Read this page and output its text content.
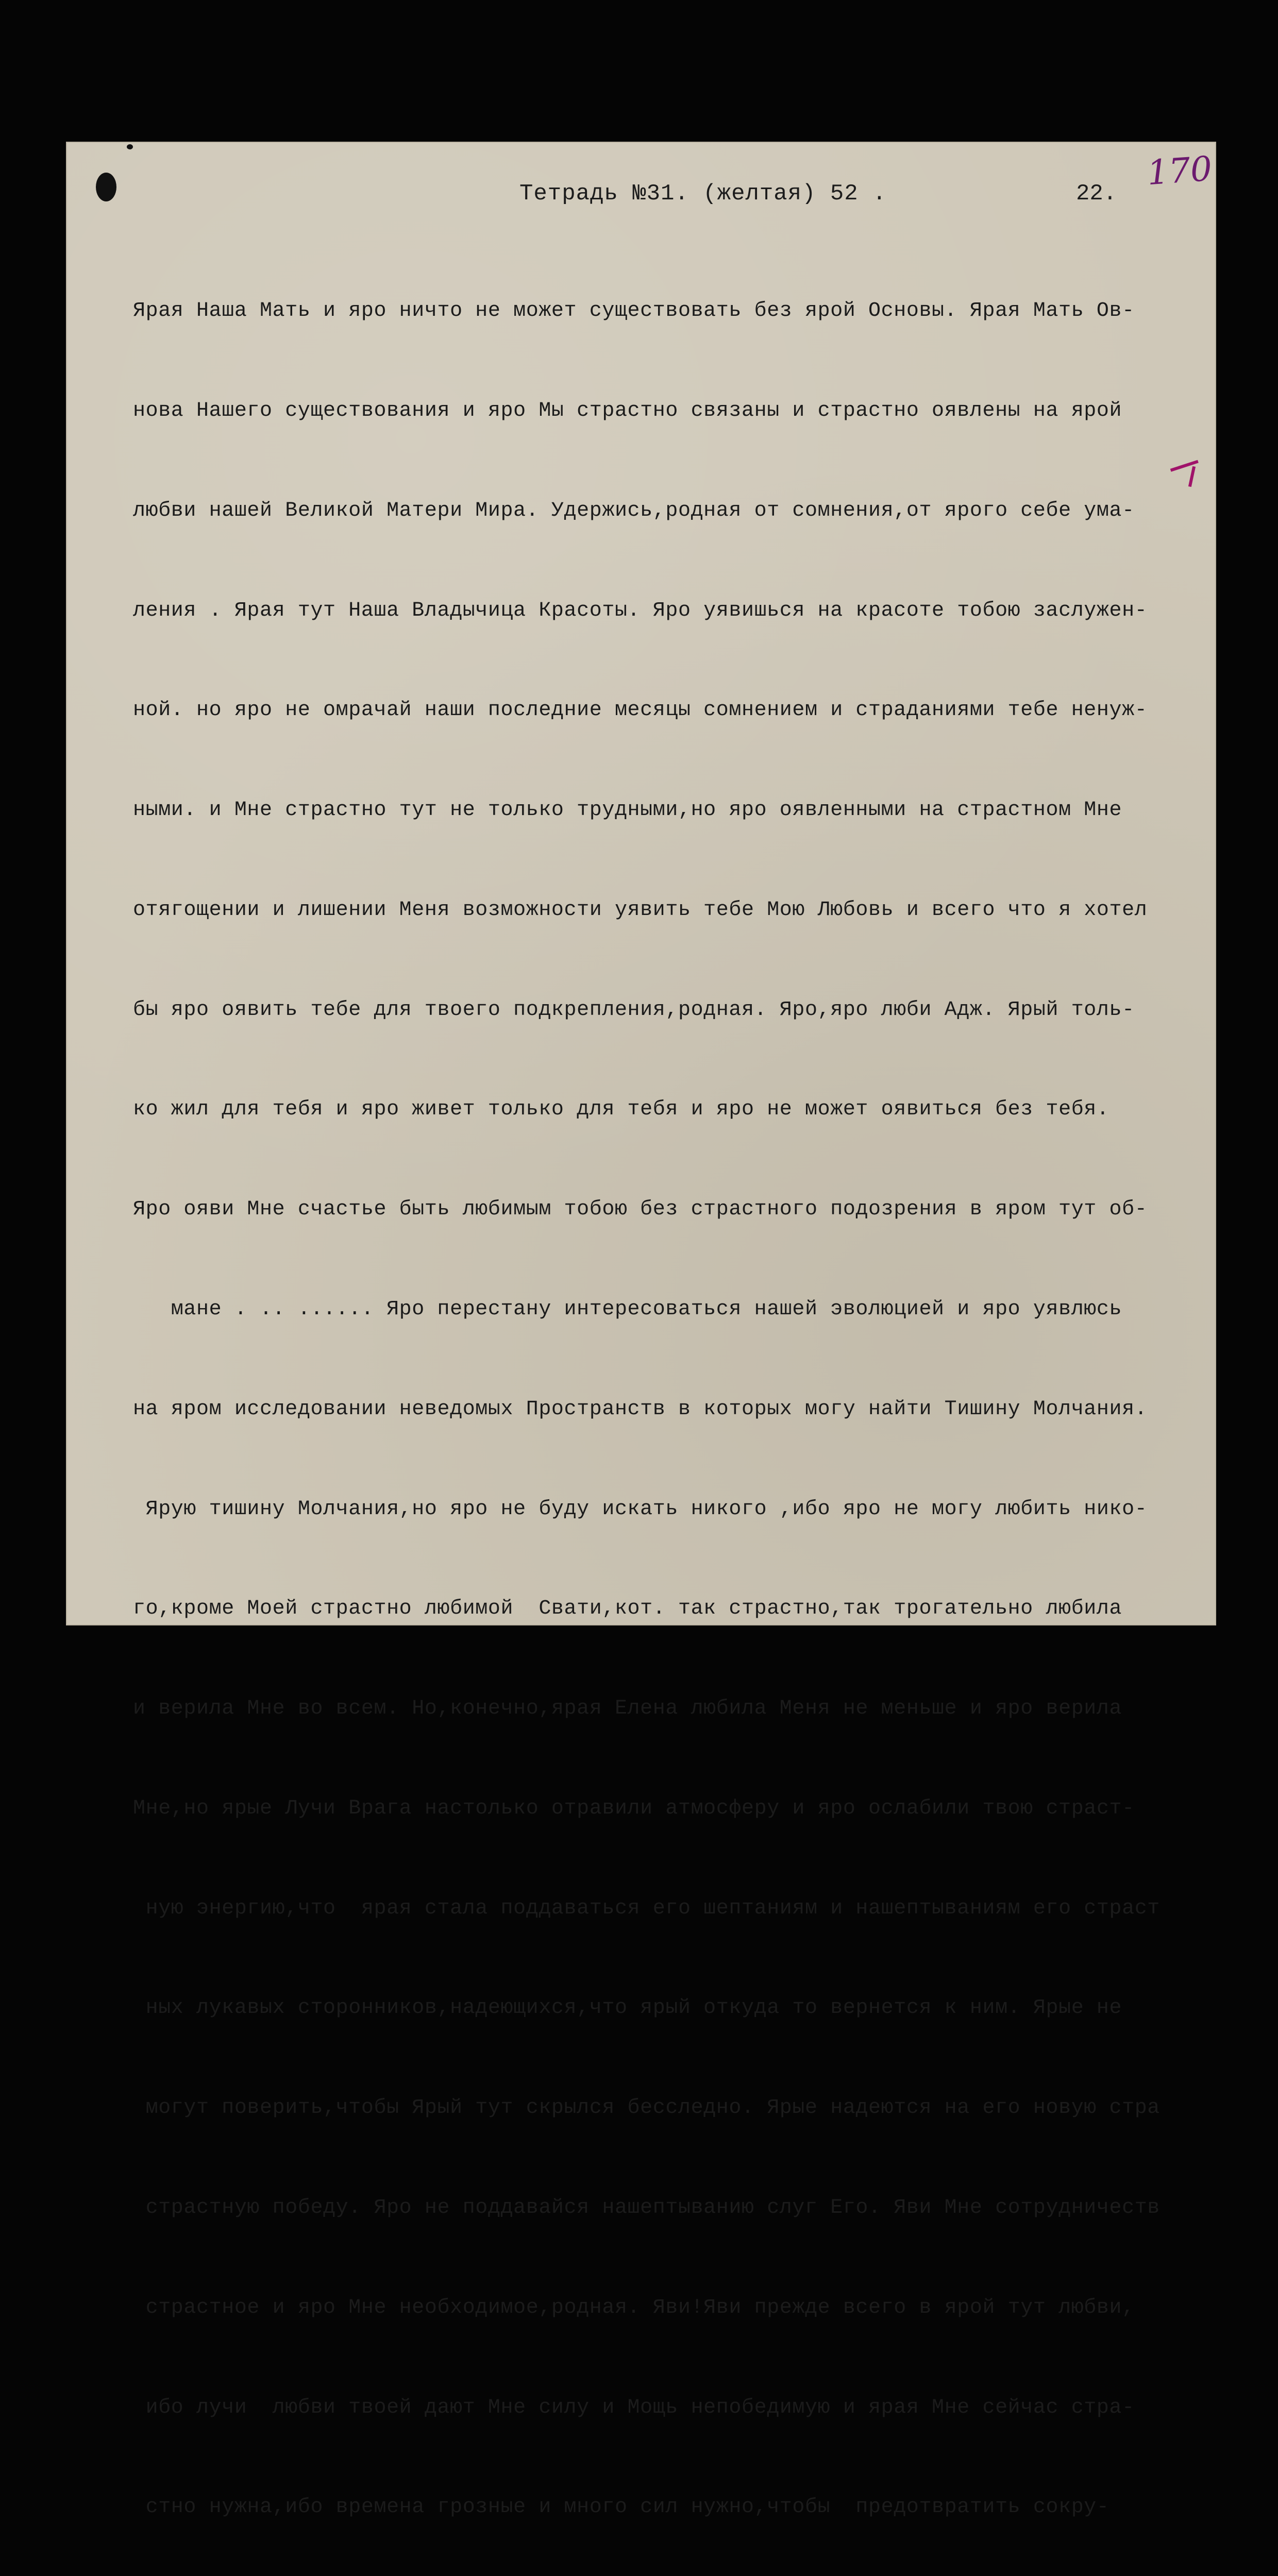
Тетрадь №31. (желтая) 52 .	22.
170

Ярая Наша Мать и яро ничто не может существовать без ярой Основы. Ярая Мать Ов-

нова Нашего существования и яро Мы страстно связаны и страстно оявлены на ярой

любви нашей Великой Матери Мира. Удержись,родная от сомнения,от ярого себе ума-

ления . Ярая тут Наша Владычица Красоты. Яро уявишься на красоте тобою заслужен-

ной. но яро не омрачай наши последние месяцы сомнением и страданиями тебе ненуж-

ными. и Мне страстно тут не только трудными,но яро оявленными на страстном Мне

отягощении и лишении Меня возможности уявить тебе Мою Любовь и всего что я хотел

бы яро оявить тебе для твоего подкрепления,родная. Яро,яро люби Адж. Ярый толь-

ко жил для тебя и яро живет только для тебя и яро не может оявиться без тебя.

Яро ояви Мне счастье быть любимым тобою без страстного подозрения в яром тут об-

мане . .. ...... Яро перестану интересоваться нашей эволюцией и яро уявлюсь

на яром исследовании неведомых Пространств в которых могу найти Тишину Молчания.

Ярую тишину Молчания,но яро не буду искать никого ,ибо яро не могу любить нико-

го,кроме Моей страстно любимой  Свати,кот. так страстно,так трогательно любила

и верила Мне во всем. Но,конечно,ярая Елена любила Меня не меньше и яро верила

Мне,но ярые Лучи Врага настолько отравили атмосферу и яро ослабили твою страст-

ную энергию,что  ярая стала поддаваться его шептаниям и нашептываниям его страст

ных лукавых сторонников,надеющихся,что ярый откуда то вернется к ним. Ярые не

могут поверить,чтобы Ярый тут скрылся бесследно. Ярые надеются на его новую стра

страстную победу. Яро не поддавайся нашептыванию слуг Его. Яви Мне сотрудничеств

страстное и яро Мне необходимое,родная. Яви!Яви прежде всего в ярой тут любви,

ибо лучи  любви твоей дают Мне силу и Мощь непобедимую и ярая Мне сейчас стра-

стно нужна,ибо времена грозные и много сил нужно,чтобы  предотвратить сокру-
